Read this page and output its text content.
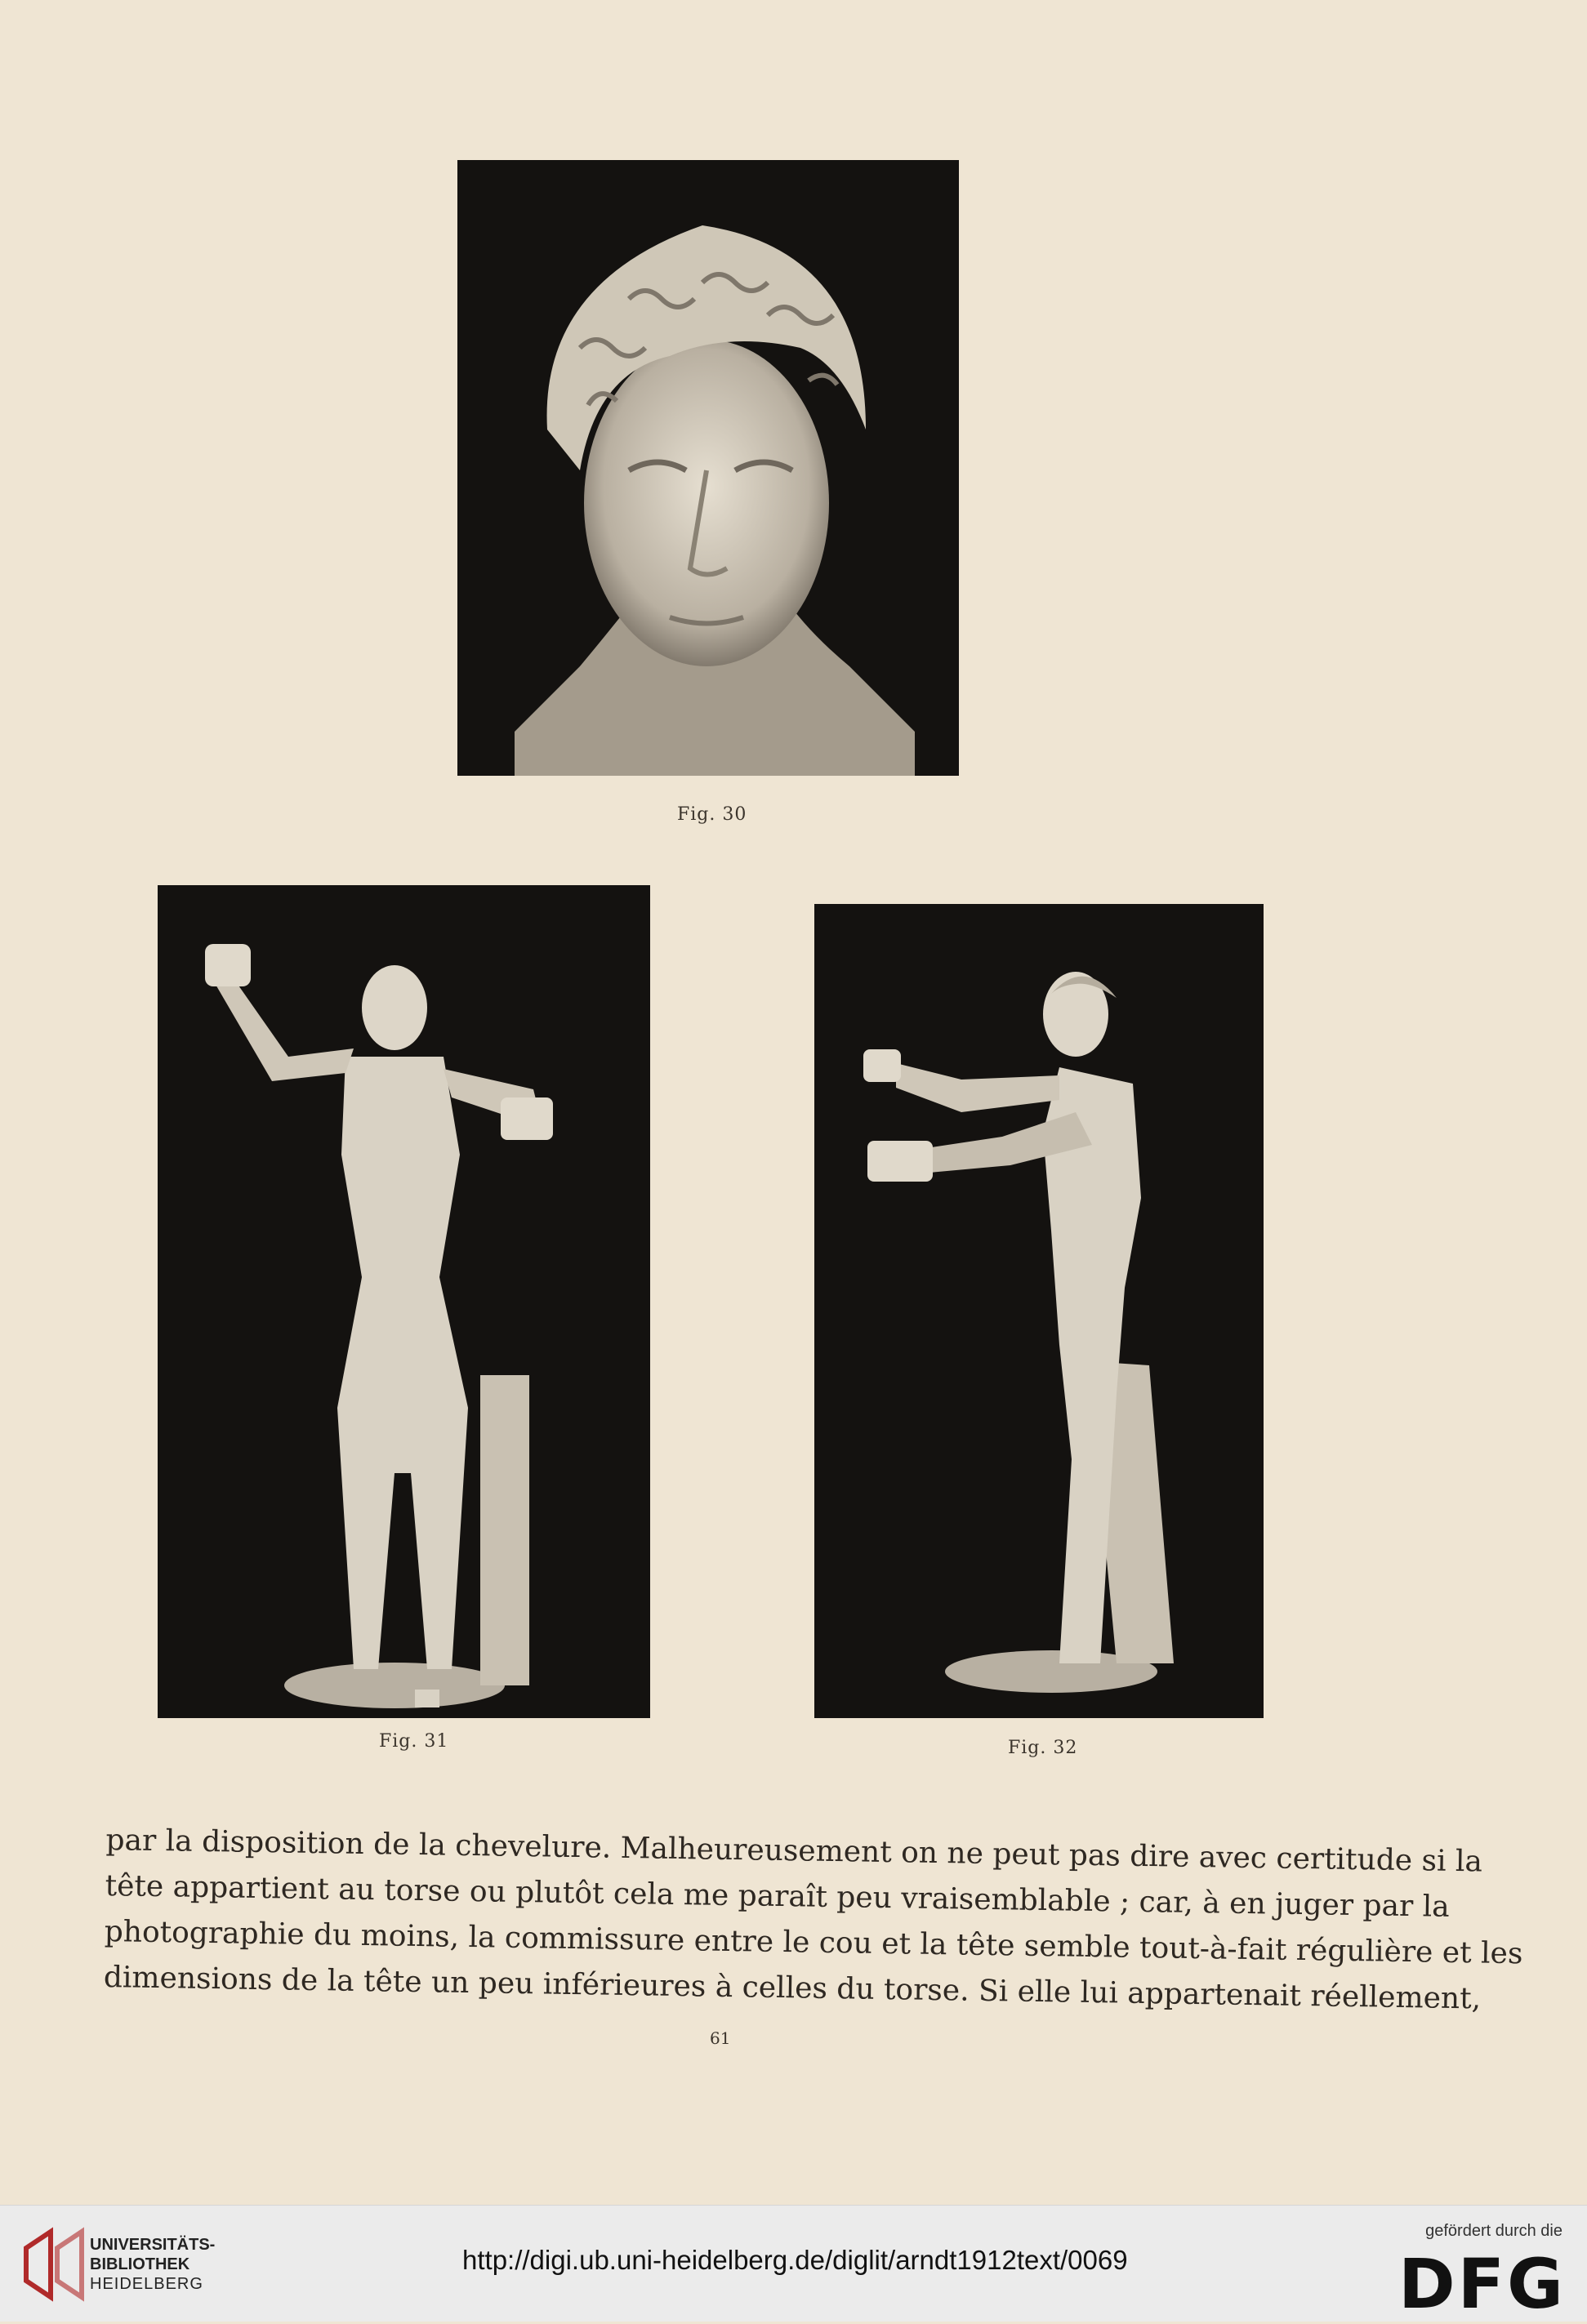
Fig. 30
Fig. 31	Fig. 32
par la disposition de la chevelure. Malheureusement on ne peut pas dire avec certitude si la
tête appartient au torse ou plutôt cela me paraît peu vraisemblable ; car, à en juger par la
photographie du moins, la commissure entre le cou et la tête semble tout-à-fait régulière et les
dimensions de la tête un peu inférieures à celles du torse. Si elle lui appartenait réellement,
61
UNIVERSITÄTS-
BIBLIOTHEK
HEIDELBERG
http://digi.ub.uni-heidelberg.de/diglit/arndt1912text/0069
gefördert durch die
DFG
